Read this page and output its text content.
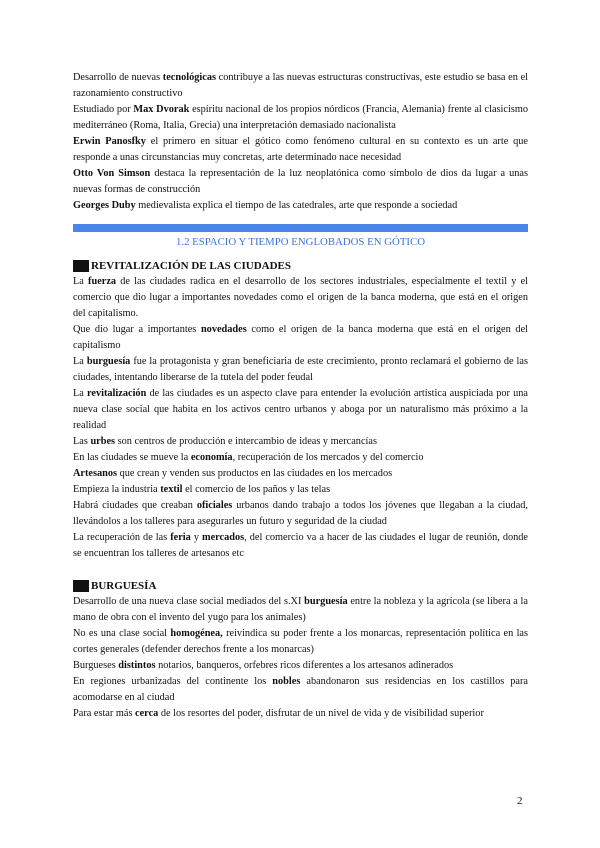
Desarrollo de nuevas tecnológicas contribuye a las nuevas estructuras constructivas, este estudio se basa en el razonamiento constructivo

Estudiado por Max Dvorak espíritu nacional de los propios nórdicos (Francia, Alemania) frente al clasicismo mediterráneo (Roma, Italia, Grecia) una interpretación demasiado nacionalista

Erwin Panosfky el primero en situar el gótico como fenómeno cultural en su contexto es un arte que responde a unas circunstancias muy concretas, arte determinado nace necesidad

Otto Von Simson destaca la representación de la luz neoplatónica como símbolo de dios da lugar a unas nuevas formas de construcción

Georges Duby medievalista explica el tiempo de las catedrales, arte que responde a sociedad

1.2 ESPACIO Y TIEMPO ENGLOBADOS EN GÓTICO
REVITALIZACIÓN DE LAS CIUDADES

La fuerza de las ciudades radica en el desarrollo de los sectores industriales, especialmente el textil y el comercio que dio lugar a importantes novedades como el origen de la banca moderna, que está en el origen del capitalismo.

Que dio lugar a importantes novedades como el origen de la banca moderna que está en el origen del capitalismo

La burguesía fue la protagonista y gran beneficiaria de este crecimiento, pronto reclamará el gobierno de las ciudades, intentando liberarse de la tutela del poder feudal

La revitalización de las ciudades es un aspecto clave para entender la evolución artística auspiciada por una nueva clase social que habita en los activos centro urbanos y aboga por un naturalismo más próximo a la realidad

Las urbes son centros de producción e intercambio de ideas y mercancías

En las ciudades se mueve la economía, recuperación de los mercados y del comercio

Artesanos que crean y venden sus productos en las ciudades en los mercados

Empieza la industria textil el comercio de los paños y las telas

Habrá ciudades que creaban oficiales urbanos dando trabajo a todos los jóvenes que llegaban a la ciudad, llevándolos a los talleres para asegurarles un futuro y seguridad de la ciudad

La recuperación de las feria y mercados, del comercio va a hacer de las ciudades el lugar de reunión, donde se encuentran los talleres de artesanos etc

BURGUESÍA

Desarrollo de una nueva clase social mediados del s.XI burguesía entre la nobleza y la agrícola (se libera a la mano de obra con el invento del yugo para los animales)

No es una clase social homogénea, reivindica su poder frente a los monarcas, representación política en las cortes generales (defender derechos frente a los monarcas)

Burgueses distintos notarios, banqueros, orfebres ricos diferentes a los artesanos adinerados

En regiones urbanizadas del continente los nobles abandonaron sus residencias en los castillos para acomodarse en al ciudad

Para estar más cerca de los resortes del poder, disfrutar de un nivel de vida y de visibilidad superior

2
